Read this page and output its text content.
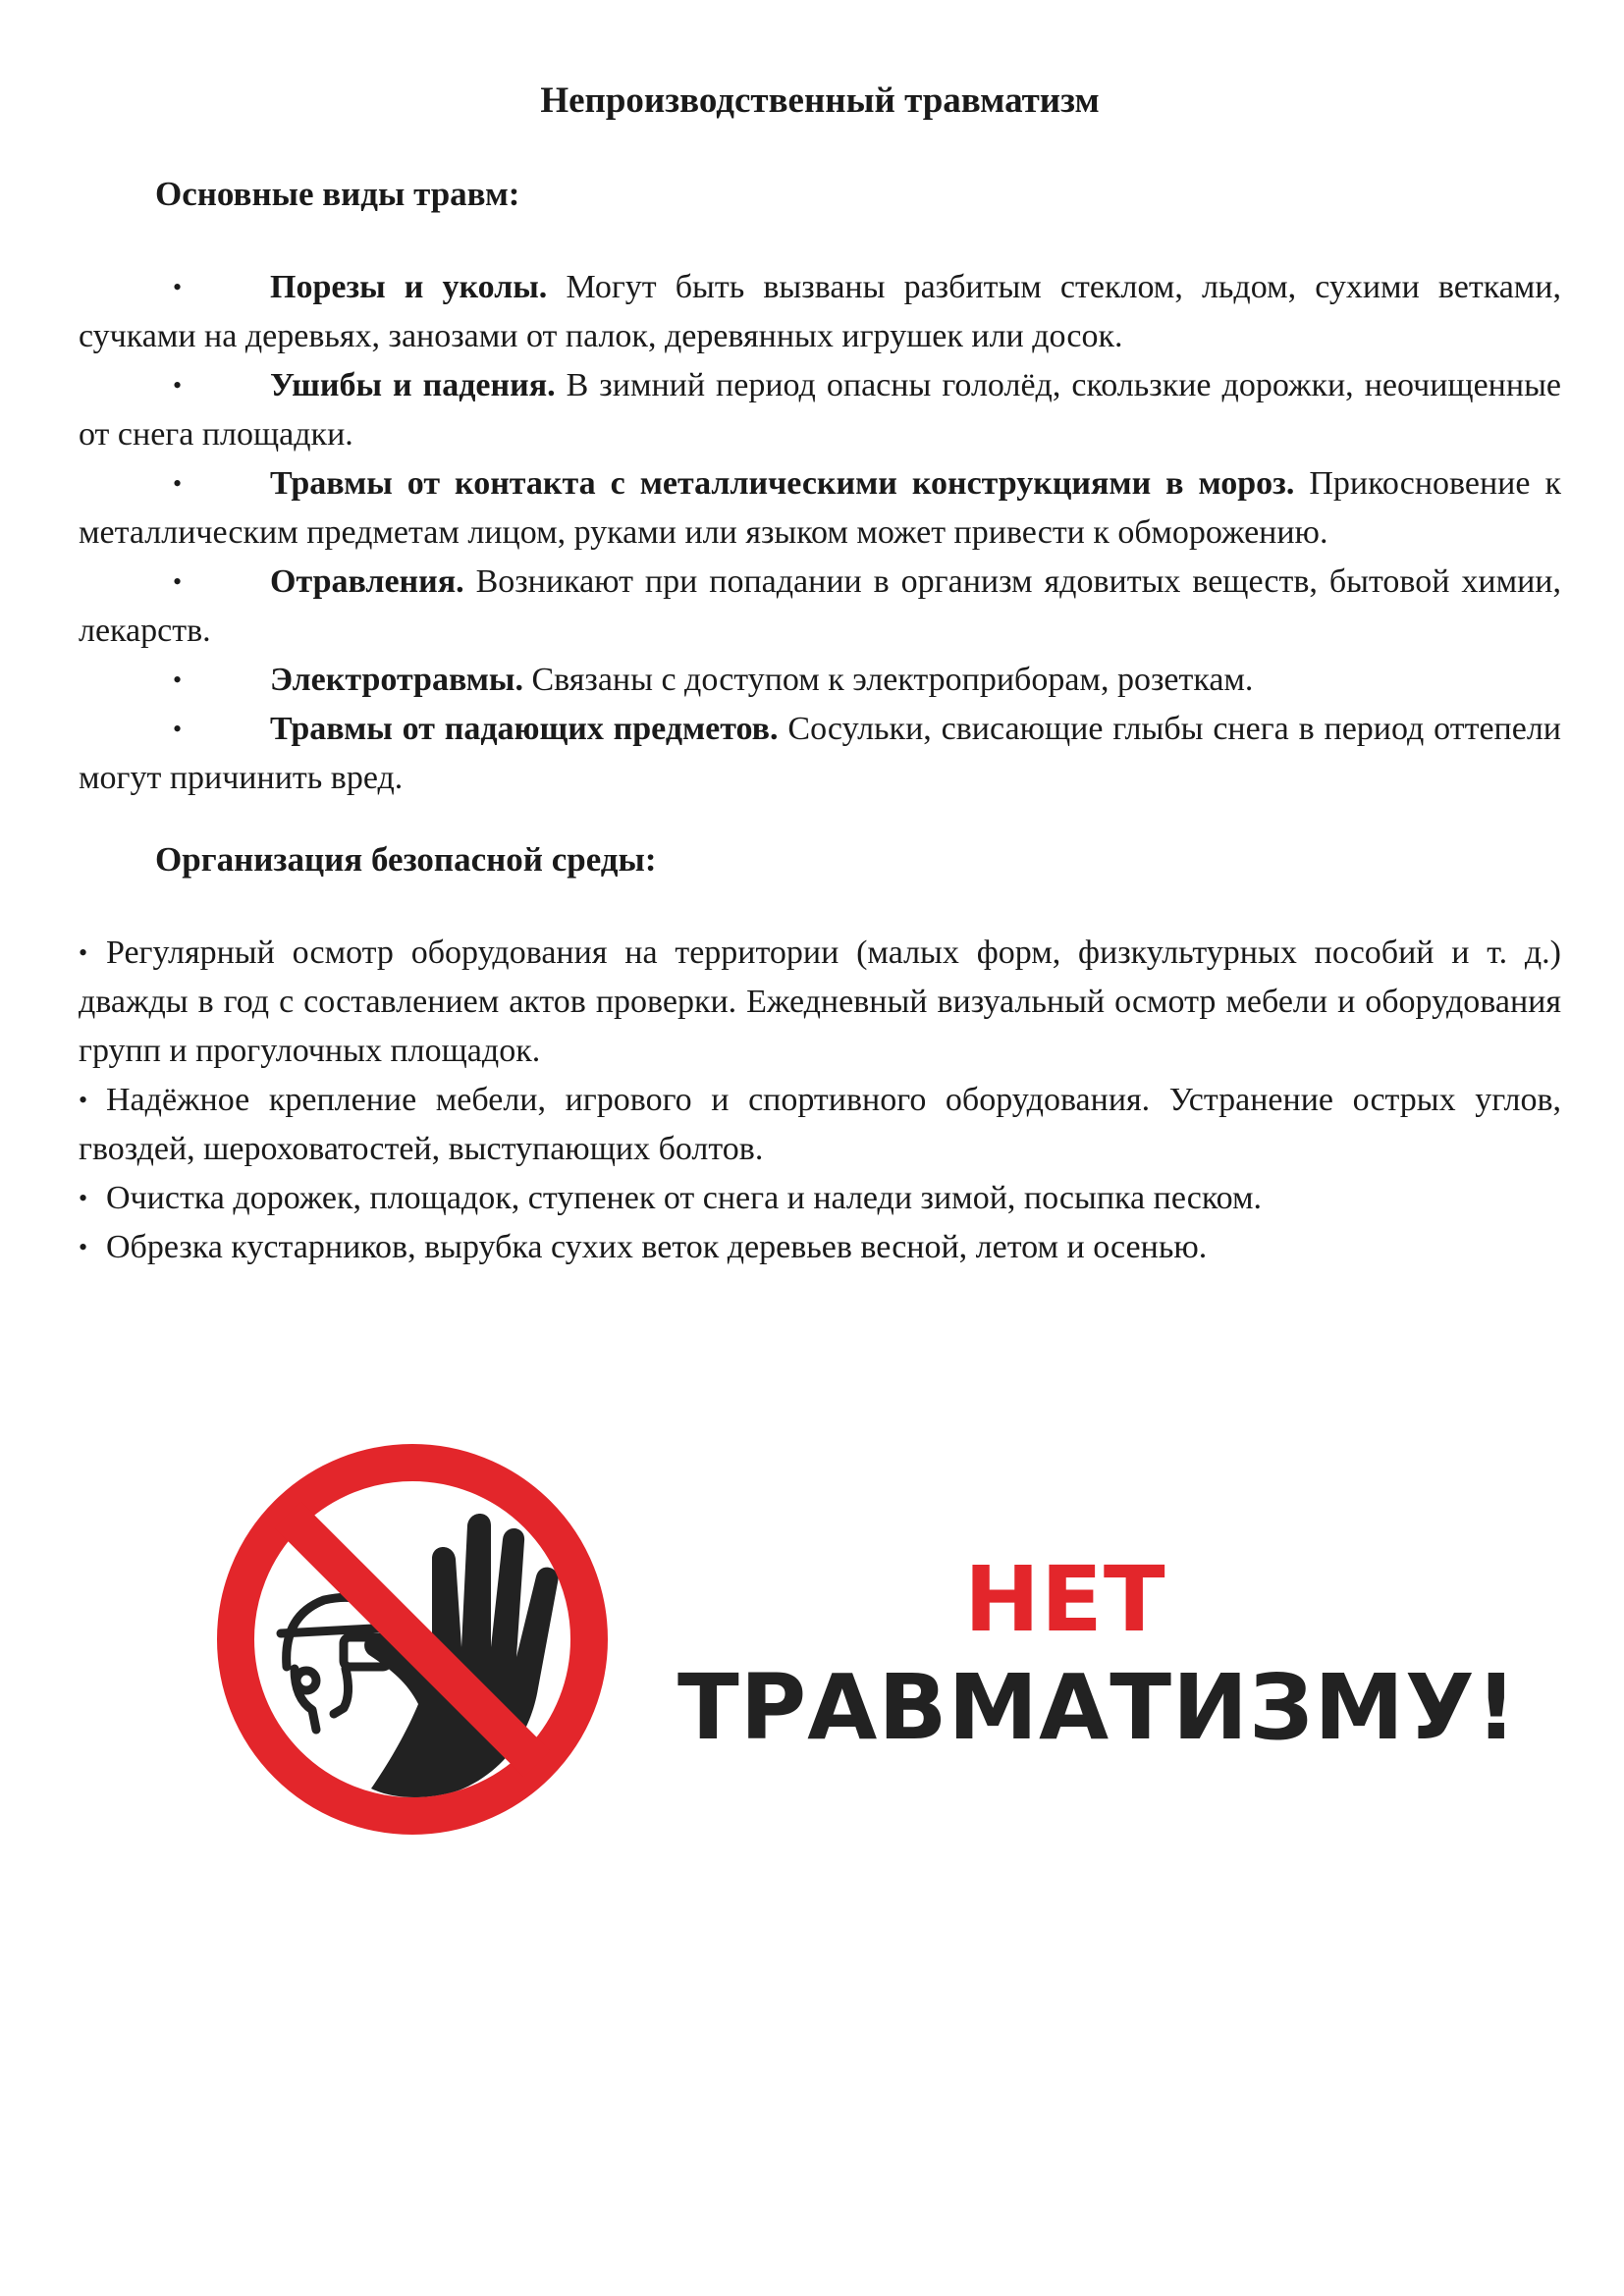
Непроизводственный травматизм
Основные виды травм:
•	Порезы и уколы. Могут быть вызваны разбитым стеклом, льдом, сухими ветками, сучками на деревьях, занозами от палок, деревянных игрушек или досок.
•	Ушибы и падения. В зимний период опасны гололёд, скользкие дорожки, неочищенные от снега площадки.
•	Травмы от контакта с металлическими конструкциями в мороз. Прикосновение к металлическим предметам лицом, руками или языком может привести к обморожению.
•	Отравления. Возникают при попадании в организм ядовитых веществ, бытовой химии, лекарств.
•	Электротравмы. Связаны с доступом к электроприборам, розеткам.
•	Травмы от падающих предметов. Сосульки, свисающие глыбы снега в период оттепели могут причинить вред.
Организация безопасной среды:
• Регулярный осмотр оборудования на территории (малых форм, физкультурных пособий и т. д.) дважды в год с составлением актов проверки. Ежедневный визуальный осмотр мебели и оборудования групп и прогулочных площадок.
• Надёжное крепление мебели, игрового и спортивного оборудования. Устранение острых углов, гвоздей, шероховатостей, выступающих болтов.
• Очистка дорожек, площадок, ступенек от снега и наледи зимой, посыпка песком.
• Обрезка кустарников, вырубка сухих веток деревьев весной, летом и осенью.
НЕТ
ТРАВМАТИЗМУ!
